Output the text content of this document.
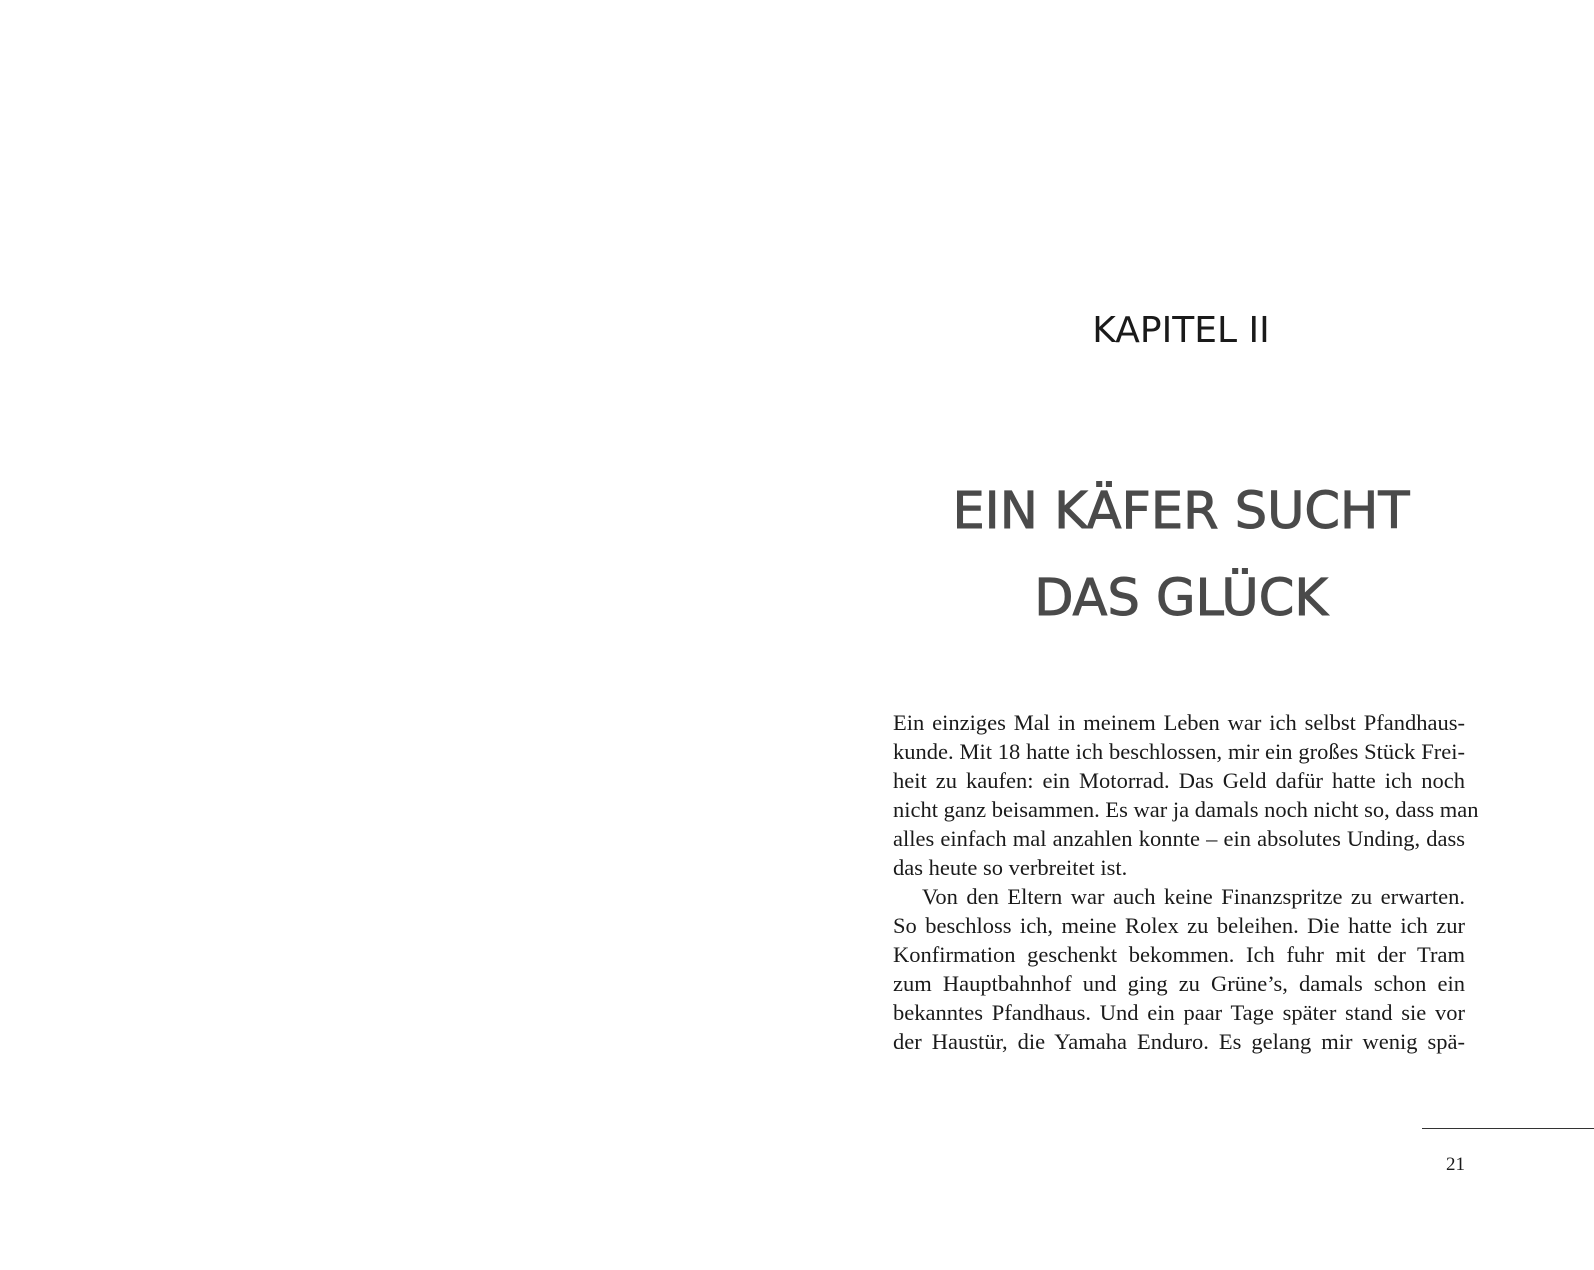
KAPITEL II
EIN KÄFER SUCHT
DAS GLÜCK
Ein einziges Mal in meinem Leben war ich selbst Pfandhaus-
kunde. Mit 18 hatte ich beschlossen, mir ein großes Stück Frei-
heit zu kaufen: ein Motorrad. Das Geld dafür hatte ich noch
nicht ganz beisammen. Es war ja damals noch nicht so, dass man
alles einfach mal anzahlen konnte – ein absolutes Unding, dass
das heute so verbreitet ist.
Von den Eltern war auch keine Finanzspritze zu erwarten.
So beschloss ich, meine Rolex zu beleihen. Die hatte ich zur
Konfirmation geschenkt bekommen. Ich fuhr mit der Tram
zum Hauptbahnhof und ging zu Grüne’s, damals schon ein
bekanntes Pfandhaus. Und ein paar Tage später stand sie vor
der Haustür, die Yamaha Enduro. Es gelang mir wenig spä-
21
